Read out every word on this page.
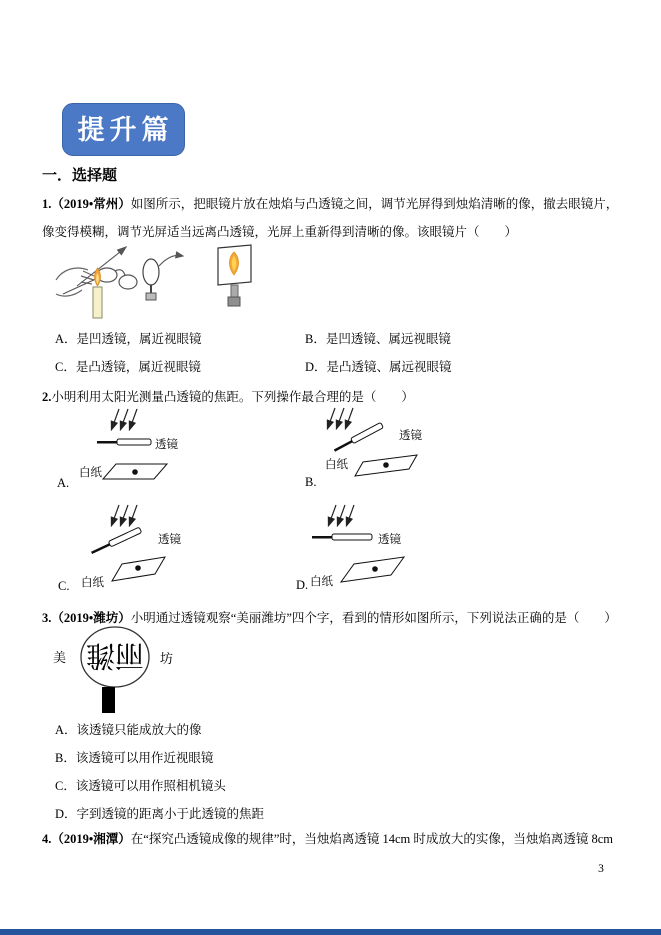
提升篇
一．选择题
1.（2019•常州）如图所示，把眼镜片放在烛焰与凸透镜之间，调节光屏得到烛焰清晰的像，撤去眼镜片，
像变得模糊，调节光屏适当远离凸透镜，光屏上重新得到清晰的像。该眼镜片（　　）
A．是凹透镜，属近视眼镜	B．是凹透镜、属远视眼镜
C．是凸透镜，属近视眼镜	D．是凸透镜、属远视眼镜
2.小明利用太阳光测量凸透镜的焦距。下列操作最合理的是（　　）
透镜
白纸
A.
透镜
白纸
B.
透镜
白纸
C.
透镜
白纸
D.
3.（2019•潍坊）小明通过透镜观察“美丽潍坊”四个字，看到的情形如图所示，下列说法正确的是（　　）
美	坊
丽潍
A．该透镜只能成放大的像
B．该透镜可以用作近视眼镜
C．该透镜可以用作照相机镜头
D．字到透镜的距离小于此透镜的焦距
4.（2019•湘潭）在“探究凸透镜成像的规律”时，当烛焰离透镜 14cm 时成放大的实像，当烛焰离透镜 8cm
3
